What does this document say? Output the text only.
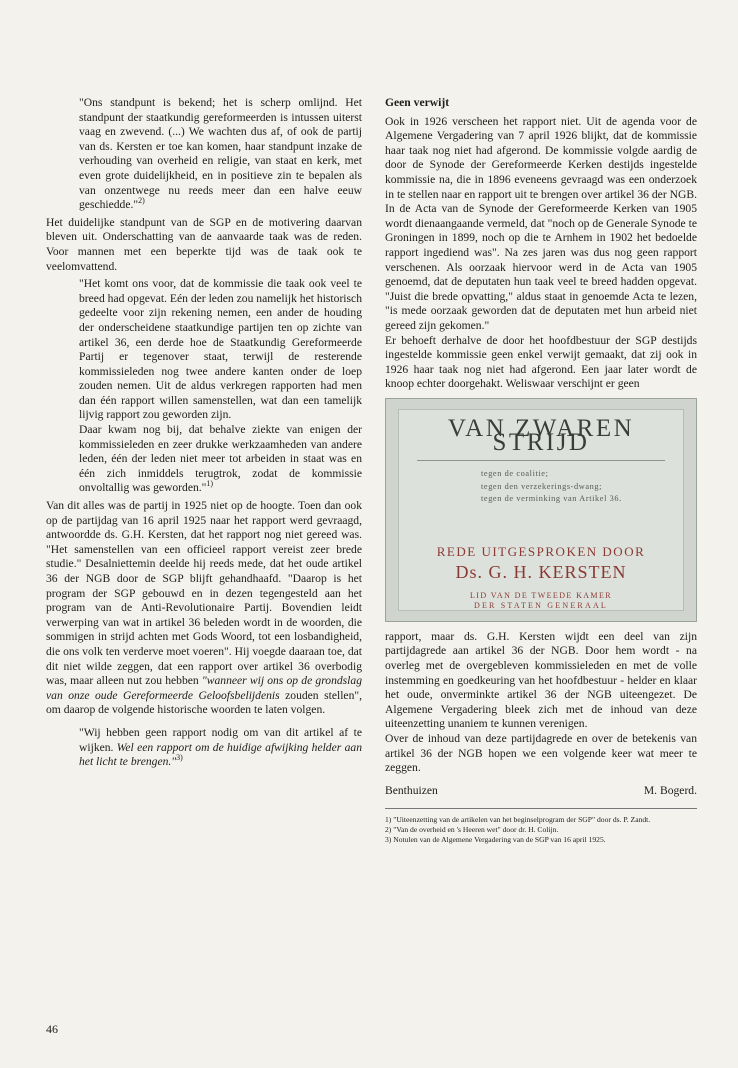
"Ons standpunt is bekend; het is scherp omlijnd. Het standpunt der staatkundig gereformeerden is intussen uiterst vaag en zwevend. (...) We wachten dus af, of ook de partij van ds. Kersten er toe kan komen, haar standpunt inzake de verhouding van overheid en religie, van staat en kerk, met even grote duidelijkheid, en in positieve zin te bepalen als van onzentwege nu reeds meer dan een halve eeuw geschiedde."$^{2)}$

Het duidelijke standpunt van de SGP en de motivering daarvan bleven uit. Onderschatting van de aanvaarde taak was de reden. Voor mannen met een beperkte tijd was de taak ook te veelomvattend.

"Het komt ons voor, dat de kommissie die taak ook veel te breed had opgevat. Eén der leden zou namelijk het historisch gedeelte voor zijn rekening nemen, een ander de houding der onderscheidene staatkundige partijen ten op zichte van artikel 36, een derde hoe de Staatkundig Gereformeerde Partij er tegenover staat, terwijl de resterende kommissieleden nog twee andere kanten onder de loep zouden nemen. Uit de aldus verkregen rapporten had men dan één rapport willen samenstellen, wat dan een tamelijk lijvig rapport zou geworden zijn.

Daar kwam nog bij, dat behalve ziekte van enigen der kommissieleden en zeer drukke werkzaamheden van andere leden, één der leden niet meer tot arbeiden in staat was en één zich inmiddels terugtrok, zodat de kommissie onvoltallig was geworden."$^{1)}$

Van dit alles was de partij in 1925 niet op de hoogte. Toen dan ook op de partijdag van 16 april 1925 naar het rapport werd gevraagd, antwoordde ds. G.H. Kersten, dat het rapport nog niet gereed was. "Het samenstellen van een officieel rapport vereist zeer brede studie." Desalniettemin deelde hij reeds mede, dat het oude artikel 36 der NGB door de SGP blijft gehandhaafd. "Daarop is het program der SGP gebouwd en in dezen tegengesteld aan het program van de Anti-Revolutionaire Partij. Bovendien leidt verwerping van wat in artikel 36 beleden wordt in de woorden, die sommigen in strijd achten met Gods Woord, tot een losbandigheid, die ons volk ten verderve moet voeren". Hij voegde daaraan toe, dat dit niet wilde zeggen, dat een rapport over artikel 36 overbodig was, maar alleen nut zou hebben "wanneer wij ons op de grondslag van onze oude Gereformeerde Geloofsbelijdenis zouden stellen", om daarop de volgende historische woorden te laten volgen.

"Wij hebben geen rapport nodig om van dit artikel af te wijken. Wel een rapport om de huidige afwijking helder aan het licht te brengen."$^{3)}$

Geen verwijt

Ook in 1926 verscheen het rapport niet. Uit de agenda voor de Algemene Vergadering van 7 april 1926 blijkt, dat de kommissie haar taak nog niet had afgerond. De kommissie volgde aardig de door de Synode der Gereformeerde Kerken destijds ingestelde kommissie na, die in 1896 eveneens gevraagd was een onderzoek in te stellen naar en rapport uit te brengen over artikel 36 der NGB. In de Acta van de Synode der Gereformeerde Kerken van 1905 wordt dienaangaande vermeld, dat "noch op de Generale Synode te Groningen in 1899, noch op die te Arnhem in 1902 het bedoelde rapport ingediend was". Na zes jaren was dus nog geen rapport verschenen. Als oorzaak hiervoor werd in de Acta van 1905 genoemd, dat de deputaten hun taak veel te breed hadden opgevat. "Juist die brede opvatting," aldus staat in genoemde Acta te lezen, "is mede oorzaak geworden dat de deputaten met hun arbeid niet gereed zijn gekomen."

Er behoeft derhalve de door het hoofdbestuur der SGP destijds ingestelde kommissie geen enkel verwijt gemaakt, dat zij ook in 1926 haar taak nog niet had afgerond. Een jaar later wordt de knoop echter doorgehakt. Weliswaar verschijnt er geen

VAN ZWAREN STRIJD
tegen de coalitie;
tegen den verzekerings-dwang;
tegen de verminking van Artikel 36.
REDE UITGESPROKEN DOOR
Ds. G. H. KERSTEN
LID VAN DE TWEEDE KAMER
DER STATEN GENERAAL

rapport, maar ds. G.H. Kersten wijdt een deel van zijn partijdagrede aan artikel 36 der NGB. Door hem wordt - na overleg met de overgebleven kommissieleden en met de volle instemming en goedkeuring van het hoofdbestuur - helder en klaar het oude, onverminkte artikel 36 der NGB uiteengezet. De Algemene Vergadering bleek zich met de inhoud van deze uiteenzetting unaniem te kunnen verenigen.

Over de inhoud van deze partijdagrede en over de betekenis van artikel 36 der NGB hopen we een volgende keer wat meer te zeggen.

Benthuizen	M. Bogerd.
1) "Uiteenzetting van de artikelen van het beginselprogram der SGP" door ds. P. Zandt.
2) "Van de overheid en 's Heeren wet" door dr. H. Colijn.
3) Notulen van de Algemene Vergadering van de SGP van 16 april 1925.
46
